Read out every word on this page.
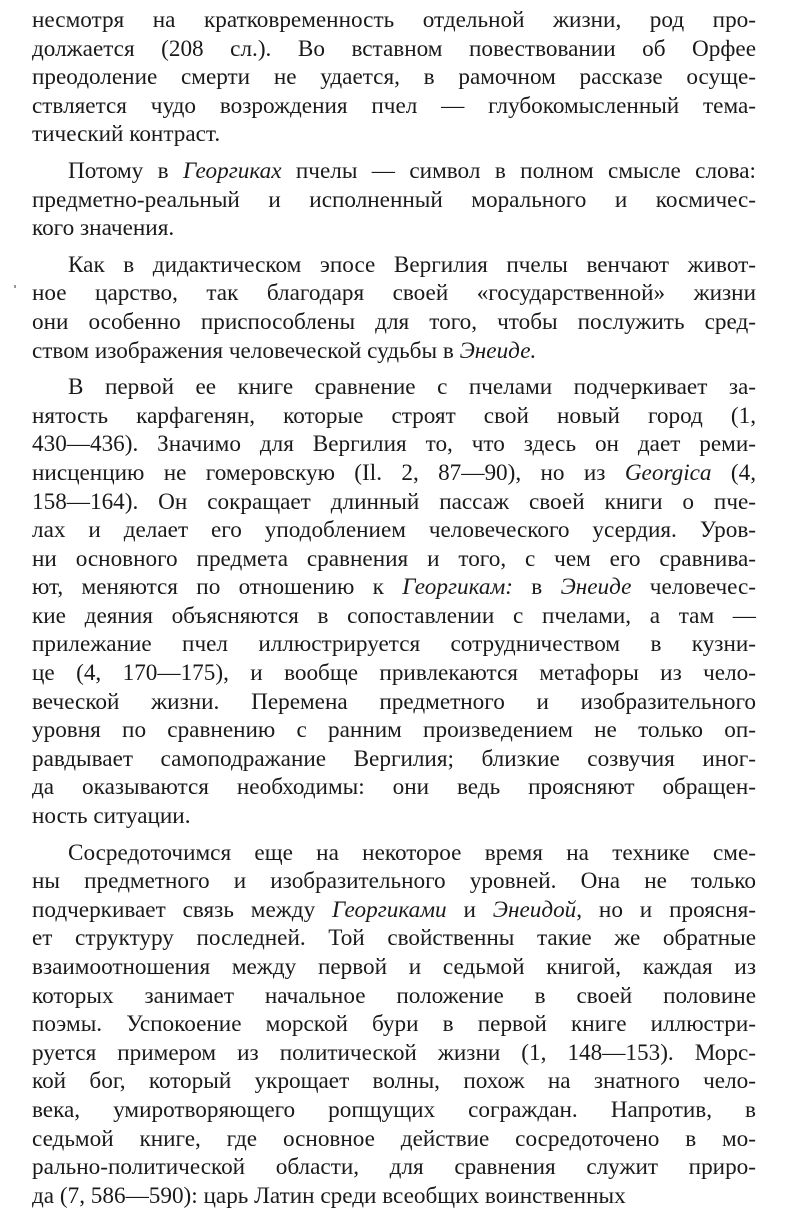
несмотря на кратковременность отдельной жизни, род про-
должается (208 сл.). Во вставном повествовании об Орфее
преодоление смерти не удается, в рамочном рассказе осуще-
ствляется чудо возрождения пчел — глубокомысленный тема-
тический контраст.
Потому в Георгиках пчелы — символ в полном смысле слова:
предметно-реальный и исполненный морального и космичес-
кого значения.
Как в дидактическом эпосе Вергилия пчелы венчают живот-
ное царство, так благодаря своей «государственной» жизни
они особенно приспособлены для того, чтобы послужить сред-
ством изображения человеческой судьбы в Энеиде.
В первой ее книге сравнение с пчелами подчеркивает за-
нятость карфагенян, которые строят свой новый город (1,
430—436). Значимо для Вергилия то, что здесь он дает реми-
нисценцию не гомеровскую (Il. 2, 87—90), но из Georgica (4,
158—164). Он сокращает длинный пассаж своей книги о пче-
лах и делает его уподоблением человеческого усердия. Уров-
ни основного предмета сравнения и того, с чем его сравнива-
ют, меняются по отношению к Георгикам: в Энеиде человечес-
кие деяния объясняются в сопоставлении с пчелами, а там —
прилежание пчел иллюстрируется сотрудничеством в кузни-
це (4, 170—175), и вообще привлекаются метафоры из чело-
веческой жизни. Перемена предметного и изобразительного
уровня по сравнению с ранним произведением не только оп-
равдывает самоподражание Вергилия; близкие созвучия иног-
да оказываются необходимы: они ведь проясняют обращен-
ность ситуации.
Сосредоточимся еще на некоторое время на технике сме-
ны предметного и изобразительного уровней. Она не только
подчеркивает связь между Георгиками и Энеидой, но и проясня-
ет структуру последней. Той свойственны такие же обратные
взаимоотношения между первой и седьмой книгой, каждая из
которых занимает начальное положение в своей половине
поэмы. Успокоение морской бури в первой книге иллюстри-
руется примером из политической жизни (1, 148—153). Морс-
кой бог, который укрощает волны, похож на знатного чело-
века, умиротворяющего ропщущих сограждан. Напротив, в
седьмой книге, где основное действие сосредоточено в мо-
рально-политической области, для сравнения служит приро-
да (7, 586—590): царь Латин среди всеобщих воинственных
